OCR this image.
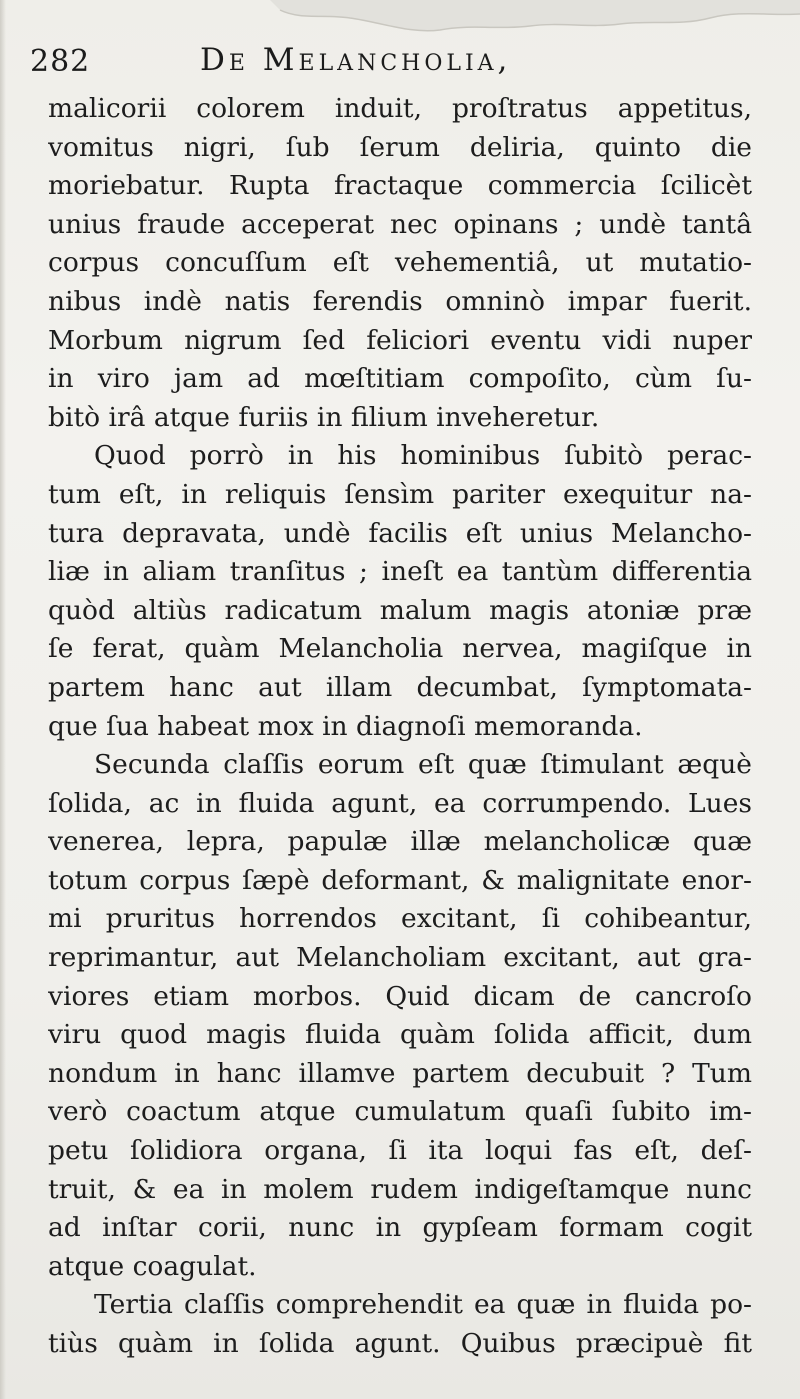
282	De Melancholia,
malicorii colorem induit, proſtratus appetitus,
vomitus nigri, ſub ſerum deliria, quinto die
moriebatur. Rupta fractaque commercia ſcilicèt
unius fraude acceperat nec opinans ; undè tantâ
corpus concuſſum eſt vehementiâ, ut mutatio-
nibus indè natis ferendis omninò impar fuerit.
Morbum nigrum ſed feliciori eventu vidi nuper
in viro jam ad mœſtitiam compoſito, cùm ſu-
bitò irâ atque furiis in filium inveheretur.
Quod porrò in his hominibus ſubitò perac-
tum eſt, in reliquis ſensìm pariter exequitur na-
tura depravata, undè facilis eſt unius Melancho-
liæ in aliam tranſitus ; ineſt ea tantùm differentia
quòd altiùs radicatum malum magis atoniæ præ
ſe ferat, quàm Melancholia nervea, magiſque in
partem hanc aut illam decumbat, ſymptomata-
que ſua habeat mox in diagnoſi memoranda.
Secunda claſſis eorum eſt quæ ſtimulant æquè
ſolida, ac in fluida agunt, ea corrumpendo. Lues
venerea, lepra, papulæ illæ melancholicæ quæ
totum corpus ſæpè deformant, & malignitate enor-
mi pruritus horrendos excitant, ſi cohibeantur,
reprimantur, aut Melancholiam excitant, aut gra-
viores etiam morbos. Quid dicam de cancroſo
viru quod magis fluida quàm ſolida afficit, dum
nondum in hanc illamve partem decubuit ? Tum
verò coactum atque cumulatum quaſi ſubito im-
petu ſolidiora organa, ſi ita loqui fas eſt, deſ-
truit, & ea in molem rudem indigeſtamque nunc
ad inſtar corii, nunc in gypſeam formam cogit
atque coagulat.
Tertia claſſis comprehendit ea quæ in fluida po-
tiùs quàm in ſolida agunt. Quibus præcipuè fit
